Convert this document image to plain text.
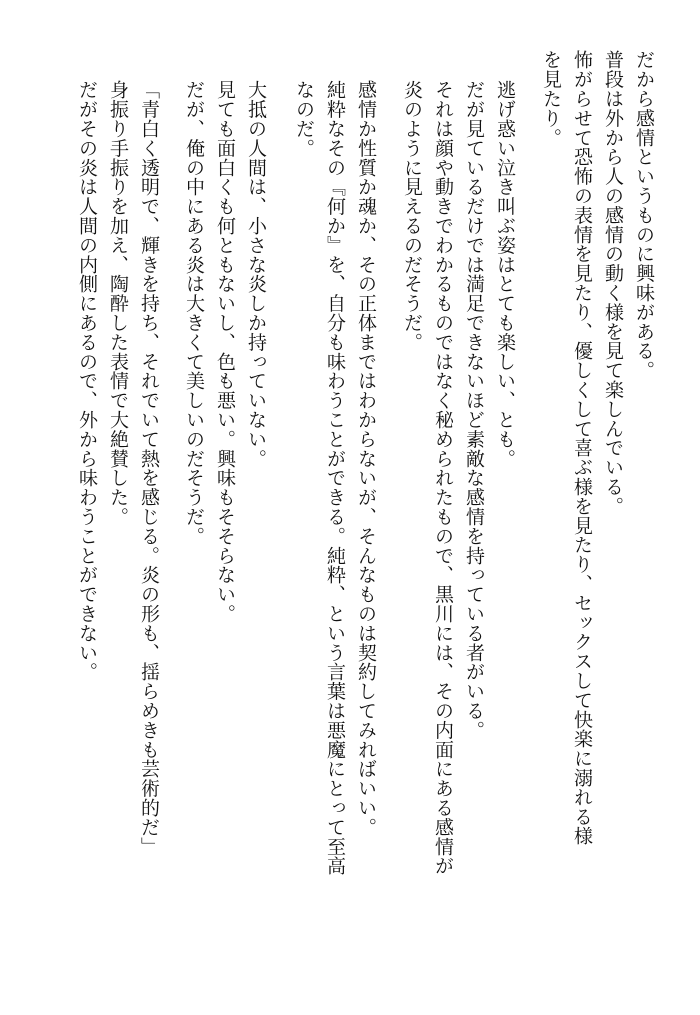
だから感情というものに興味がある。
普段は外から人の感情の動く様を見て楽しんでいる。
怖がらせて恐怖の表情を見たり、優しくして喜ぶ様を見たり、セックスして快楽に溺れる様
を見たり。
逃げ惑い泣き叫ぶ姿はとても楽しい、とも。
だが見ているだけでは満足できないほど素敵な感情を持っている者がいる。
それは顔や動きでわかるものではなく秘められたもので、黒川には、その内面にある感情が
炎のように見えるのだそうだ。
感情か性質か魂か、その正体まではわからないが、そんなものは契約してみればいい。
純粋なその『何か』を、自分も味わうことができる。純粋、という言葉は悪魔にとって至高
なのだ。
大抵の人間は、小さな炎しか持っていない。
見ても面白くも何ともないし、色も悪い。興味もそそらない。
だが、俺の中にある炎は大きくて美しいのだそうだ。
「青白く透明で、輝きを持ち、それでいて熱を感じる。炎の形も、揺らめきも芸術的だ」
身振り手振りを加え、陶酔した表情で大絶賛した。
だがその炎は人間の内側にあるので、外から味わうことができない。
